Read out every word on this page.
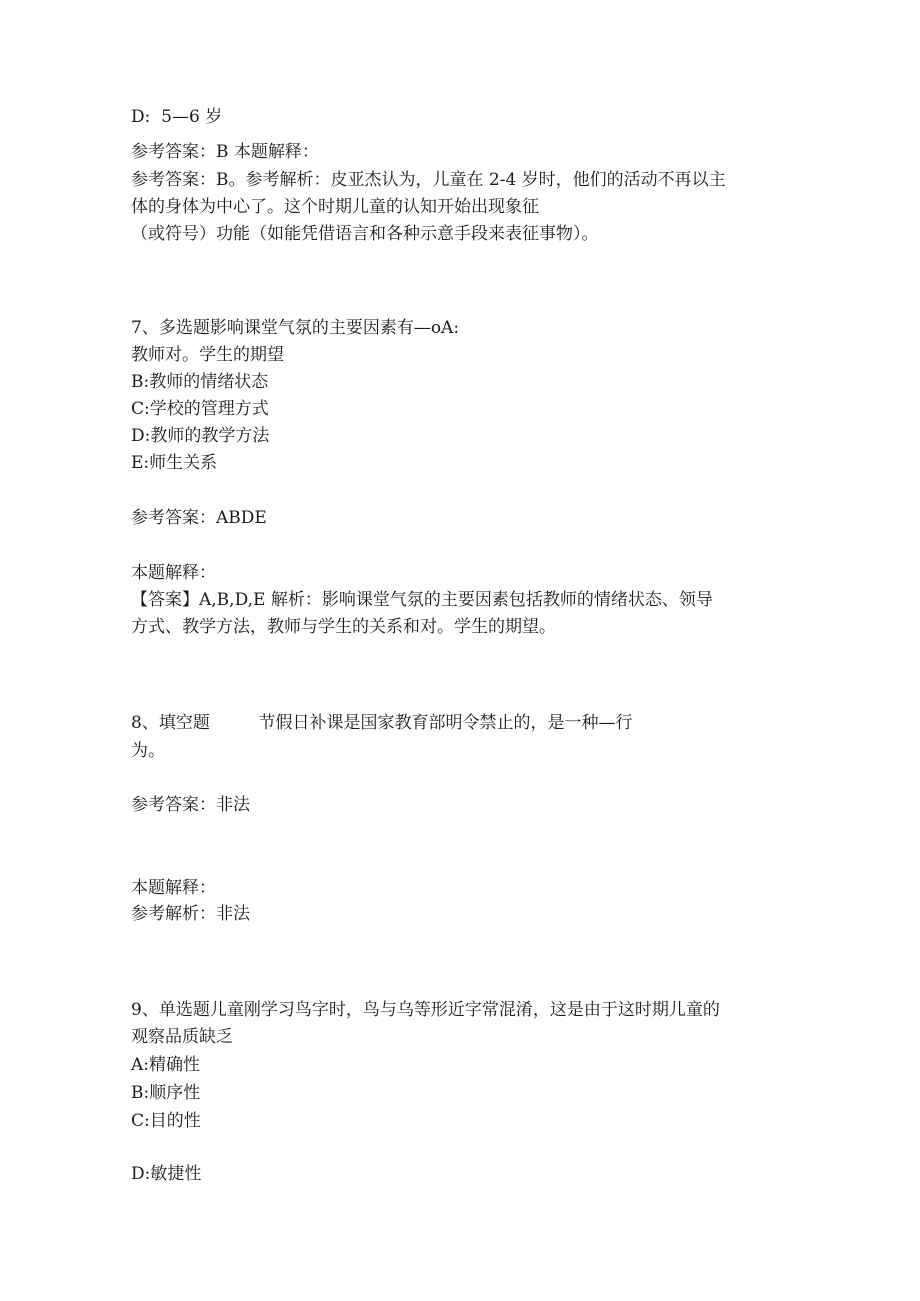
D:  5—6 岁
参考答案：B 本题解释：
参考答案：B。参考解析：皮亚杰认为，儿童在 2-4 岁时，他们的活动不再以主
体的身体为中心了。这个时期儿童的认知开始出现象征
（或符号）功能（如能凭借语言和各种示意手段来表征事物）。
7、多选题影响课堂气氛的主要因素有—oA:
教师对。学生的期望
B:教师的情绪状态
C:学校的管理方式
D:教师的教学方法
E:师生关系
参考答案：ABDE
本题解释：
【答案】A,B,D,E 解析：影响课堂气氛的主要因素包括教师的情绪状态、领导
方式、教学方法，教师与学生的关系和对。学生的期望。
8、填空题         节假日补课是国家教育部明令禁止的，是一种—行
为。
参考答案：非法
本题解释：
参考解析：非法
9、单选题儿童刚学习鸟字时，鸟与乌等形近字常混淆，这是由于这时期儿童的
观察品质缺乏
A:精确性
B:顺序性
C:目的性
D:敏捷性
